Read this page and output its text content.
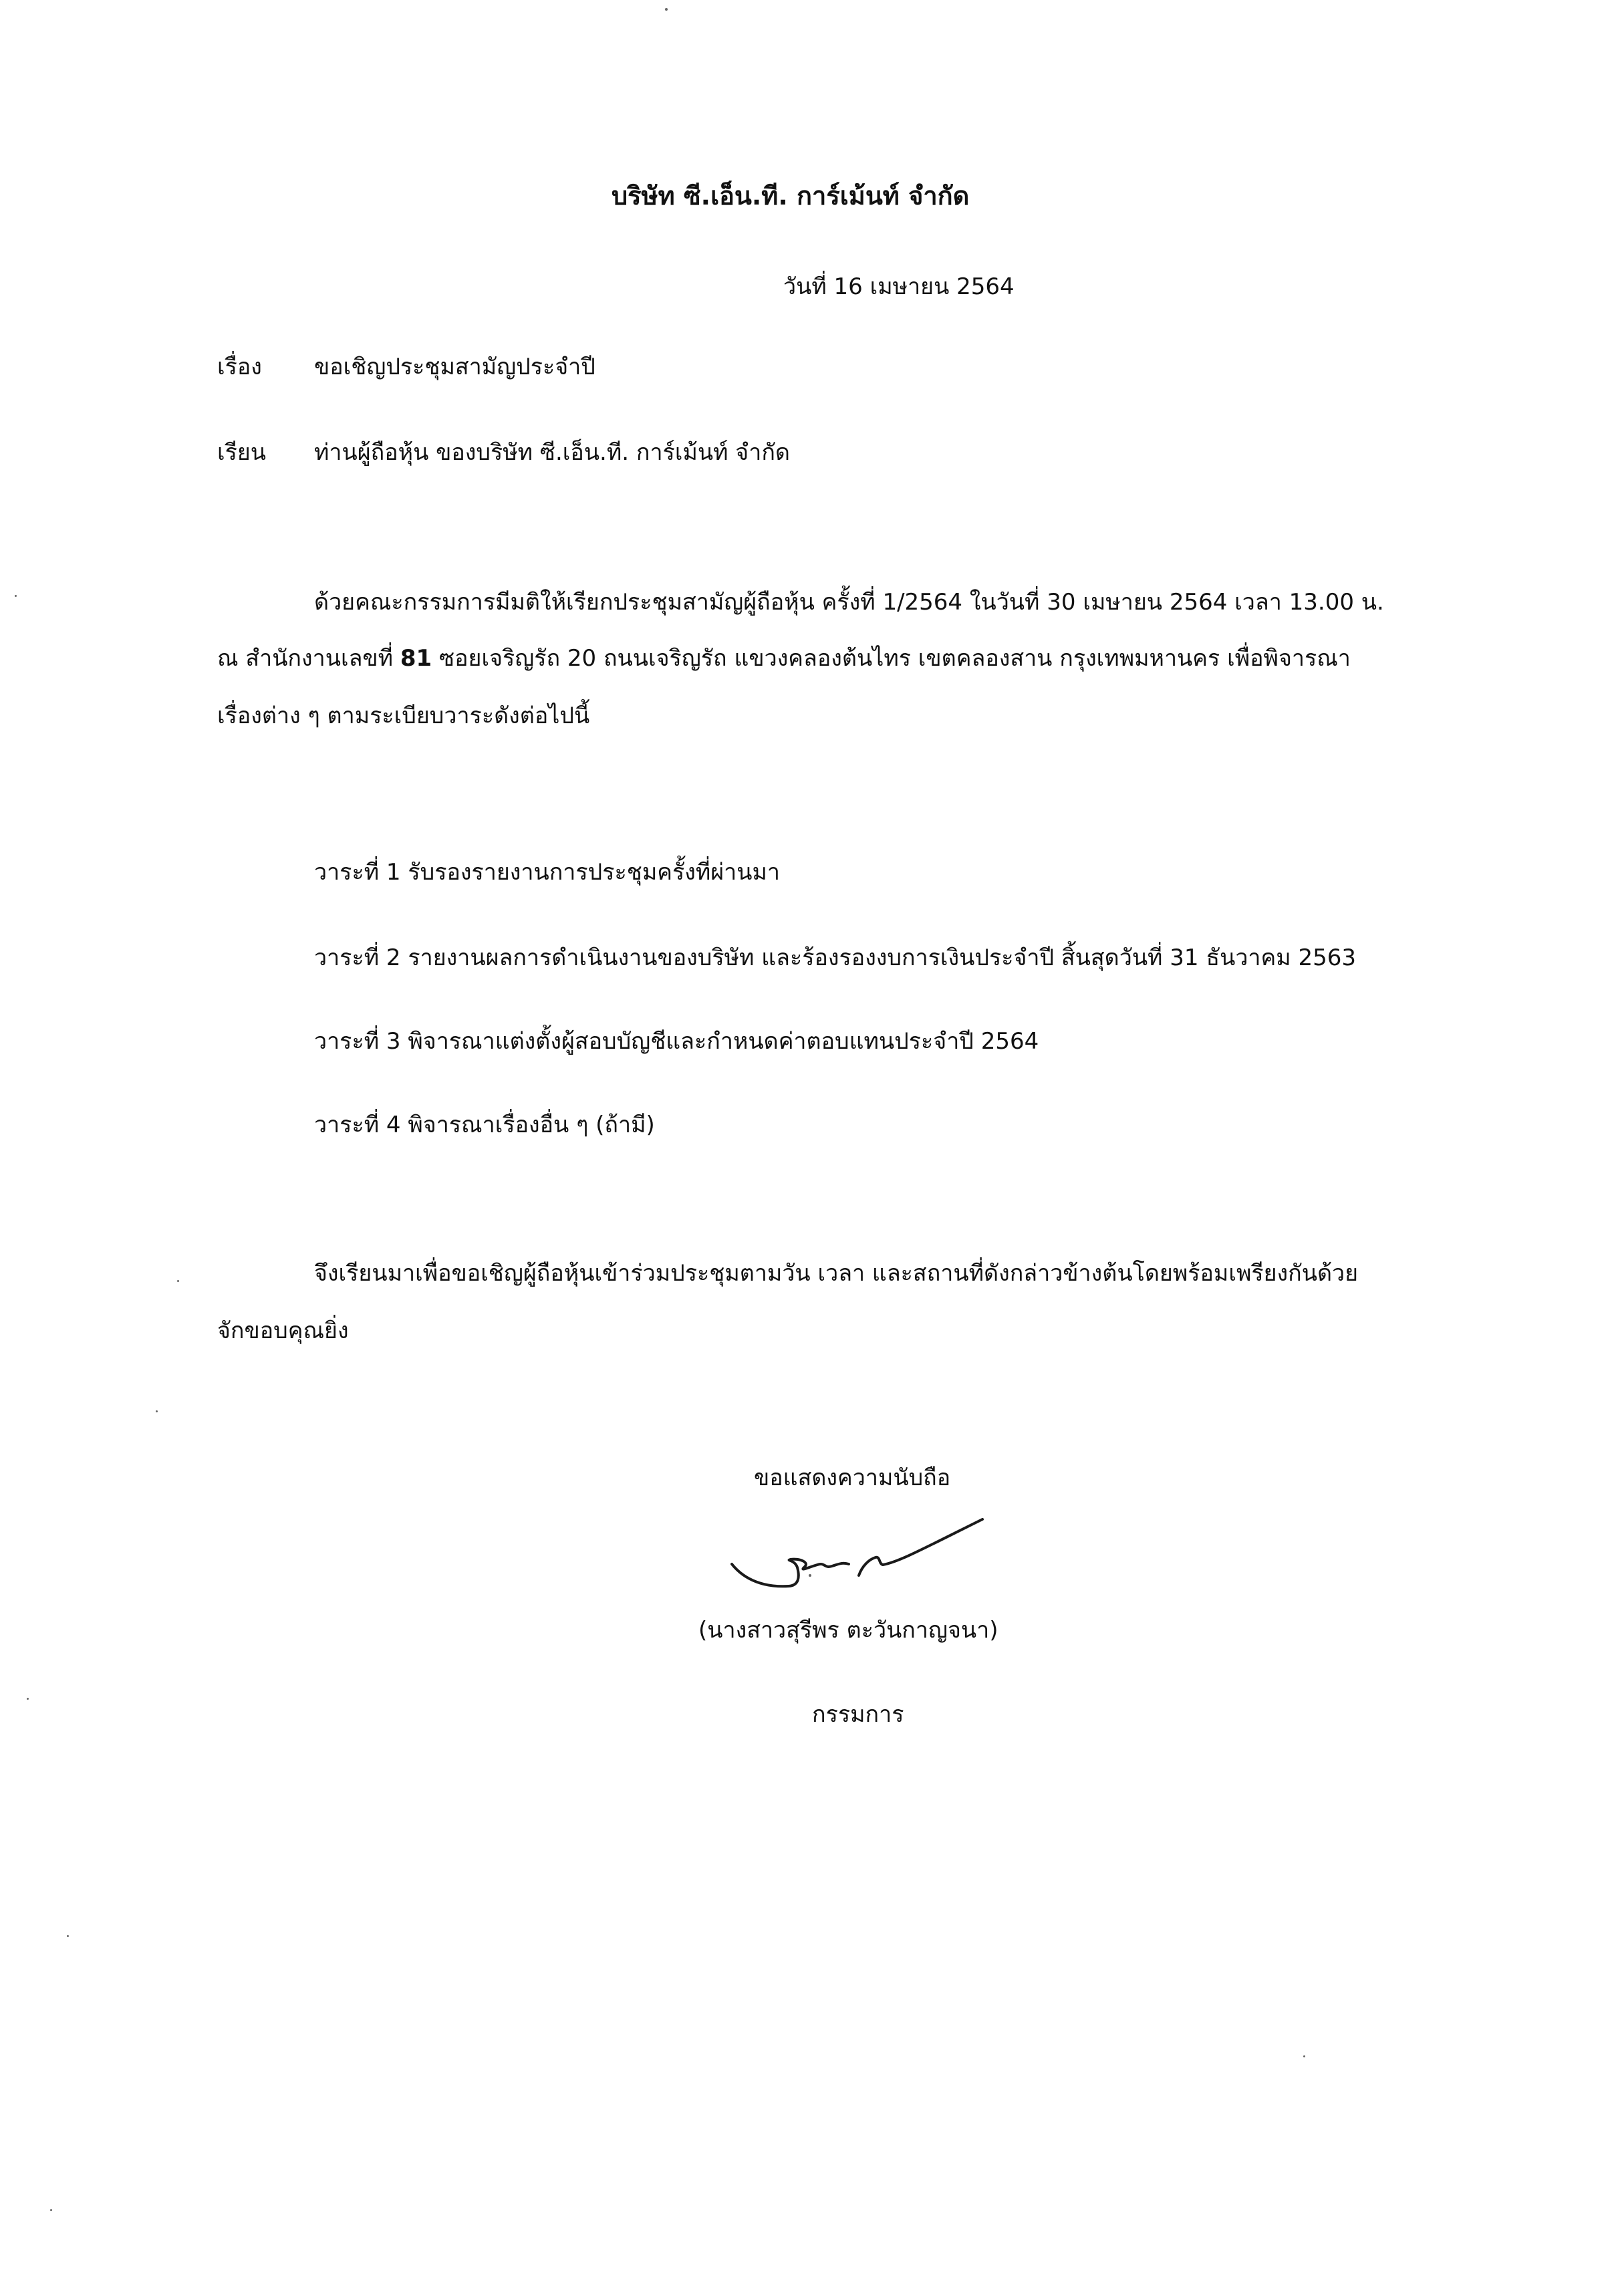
บริษัท ซี.เอ็น.ที. การ์เม้นท์ จำกัด
วันที่ 16 เมษายน 2564
เรื่อง ขอเชิญประชุมสามัญประจำปี
เรียน ท่านผู้ถือหุ้น ของบริษัท ซี.เอ็น.ที. การ์เม้นท์ จำกัด
ด้วยคณะกรรมการมีมติให้เรียกประชุมสามัญผู้ถือหุ้น ครั้งที่ 1/2564 ในวันที่ 30 เมษายน 2564 เวลา 13.00 น.
ณ สำนักงานเลขที่ 81 ซอยเจริญรัถ 20 ถนนเจริญรัถ แขวงคลองต้นไทร เขตคลองสาน กรุงเทพมหานคร เพื่อพิจารณา
เรื่องต่าง ๆ ตามระเบียบวาระดังต่อไปนี้
วาระที่ 1 รับรองรายงานการประชุมครั้งที่ผ่านมา
วาระที่ 2 รายงานผลการดำเนินงานของบริษัท และร้องรองงบการเงินประจำปี สิ้นสุดวันที่ 31 ธันวาคม 2563
วาระที่ 3 พิจารณาแต่งตั้งผู้สอบบัญชีและกำหนดค่าตอบแทนประจำปี 2564
วาระที่ 4 พิจารณาเรื่องอื่น ๆ (ถ้ามี)
จึงเรียนมาเพื่อขอเชิญผู้ถือหุ้นเข้าร่วมประชุมตามวัน เวลา และสถานที่ดังกล่าวข้างต้นโดยพร้อมเพรียงกันด้วย
จักขอบคุณยิ่ง
ขอแสดงความนับถือ
(นางสาวสุรีพร ตะวันกาญจนา)
กรรมการ
